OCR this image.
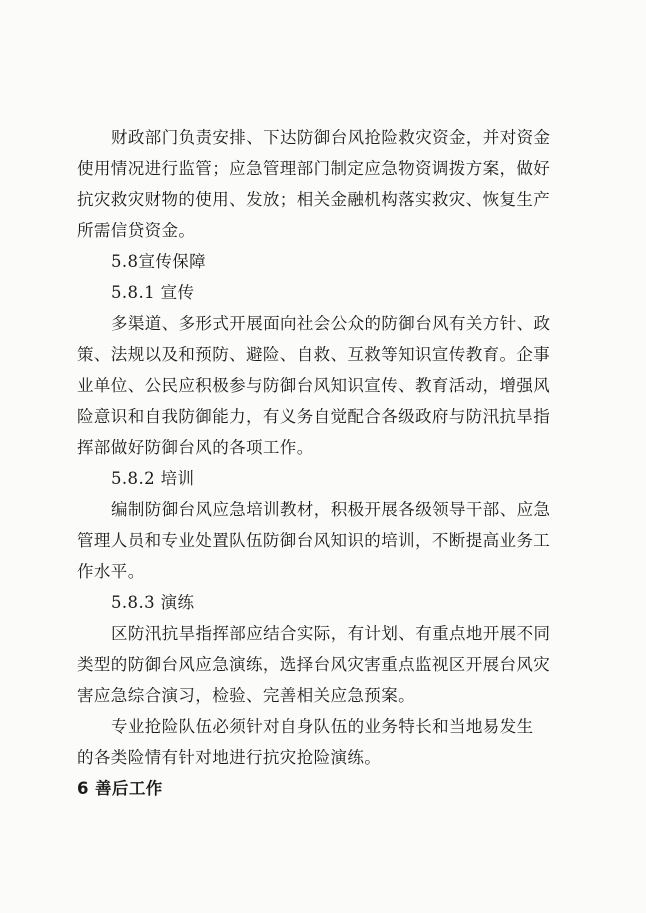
财政部门负责安排、下达防御台风抢险救灾资金，并对资金
使用情况进行监管；应急管理部门制定应急物资调拨方案，做好
抗灾救灾财物的使用、发放；相关金融机构落实救灾、恢复生产
所需信贷资金。
5.8宣传保障
5.8.1 宣传
多渠道、多形式开展面向社会公众的防御台风有关方针、政
策、法规以及和预防、避险、自救、互救等知识宣传教育。企事
业单位、公民应积极参与防御台风知识宣传、教育活动，增强风
险意识和自我防御能力，有义务自觉配合各级政府与防汛抗旱指
挥部做好防御台风的各项工作。
5.8.2 培训
编制防御台风应急培训教材，积极开展各级领导干部、应急
管理人员和专业处置队伍防御台风知识的培训，不断提高业务工
作水平。
5.8.3 演练
区防汛抗旱指挥部应结合实际，有计划、有重点地开展不同
类型的防御台风应急演练，选择台风灾害重点监视区开展台风灾
害应急综合演习，检验、完善相关应急预案。
专业抢险队伍必须针对自身队伍的业务特长和当地易发生
的各类险情有针对地进行抗灾抢险演练。
6 善后工作
